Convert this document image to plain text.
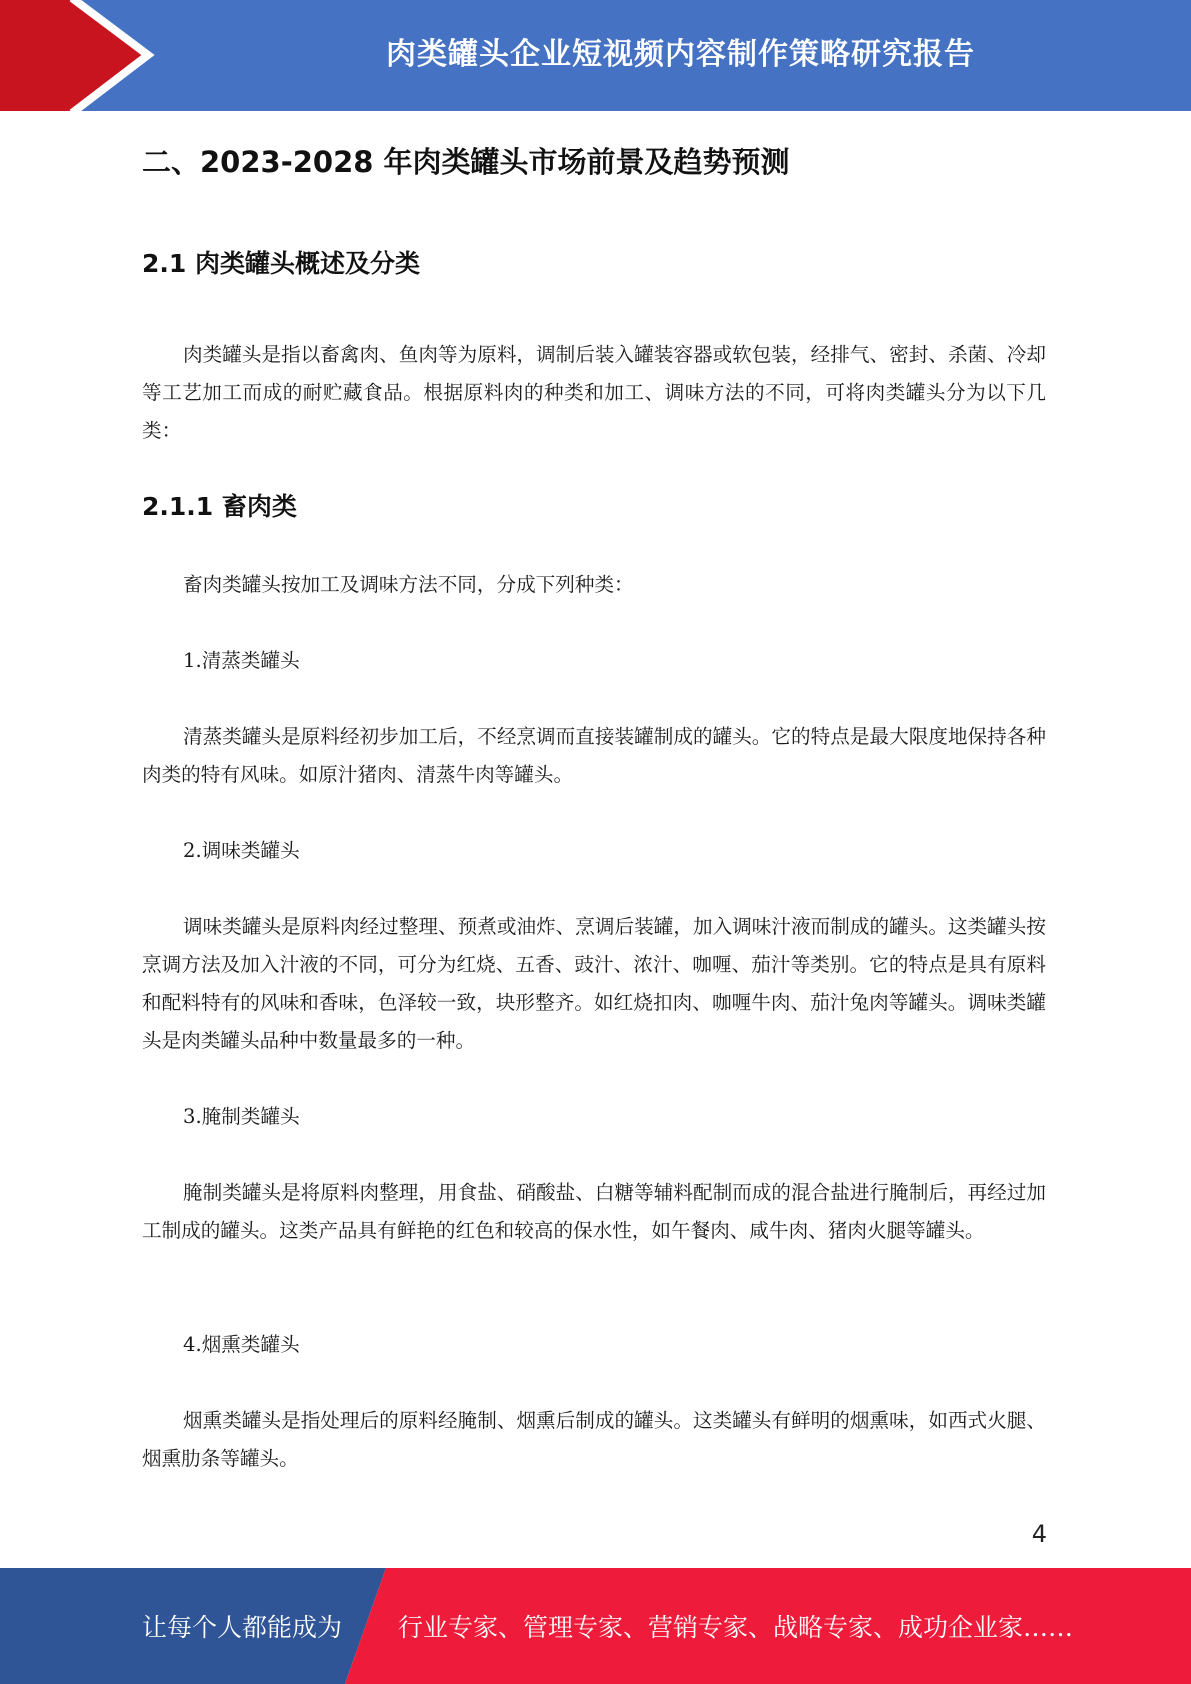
肉类罐头企业短视频内容制作策略研究报告
二、2023-2028 年肉类罐头市场前景及趋势预测
2.1 肉类罐头概述及分类

肉类罐头是指以畜禽肉、鱼肉等为原料，调制后装入罐装容器或软包装，经排气、密封、杀菌、冷却等工艺加工而成的耐贮藏食品。根据原料肉的种类和加工、调味方法的不同，可将肉类罐头分为以下几类：

2.1.1 畜肉类

畜肉类罐头按加工及调味方法不同，分成下列种类：

1.清蒸类罐头

清蒸类罐头是原料经初步加工后，不经烹调而直接装罐制成的罐头。它的特点是最大限度地保持各种肉类的特有风味。如原汁猪肉、清蒸牛肉等罐头。

2.调味类罐头

调味类罐头是原料肉经过整理、预煮或油炸、烹调后装罐，加入调味汁液而制成的罐头。这类罐头按烹调方法及加入汁液的不同，可分为红烧、五香、豉汁、浓汁、咖喱、茄汁等类别。它的特点是具有原料和配料特有的风味和香味，色泽较一致，块形整齐。如红烧扣肉、咖喱牛肉、茄汁兔肉等罐头。调味类罐头是肉类罐头品种中数量最多的一种。

3.腌制类罐头

腌制类罐头是将原料肉整理，用食盐、硝酸盐、白糖等辅料配制而成的混合盐进行腌制后，再经过加工制成的罐头。这类产品具有鲜艳的红色和较高的保水性，如午餐肉、咸牛肉、猪肉火腿等罐头。

4.烟熏类罐头

烟熏类罐头是指处理后的原料经腌制、烟熏后制成的罐头。这类罐头有鲜明的烟熏味，如西式火腿、烟熏肋条等罐头。

4
让每个人都能成为 行业专家、管理专家、营销专家、战略专家、成功企业家……
